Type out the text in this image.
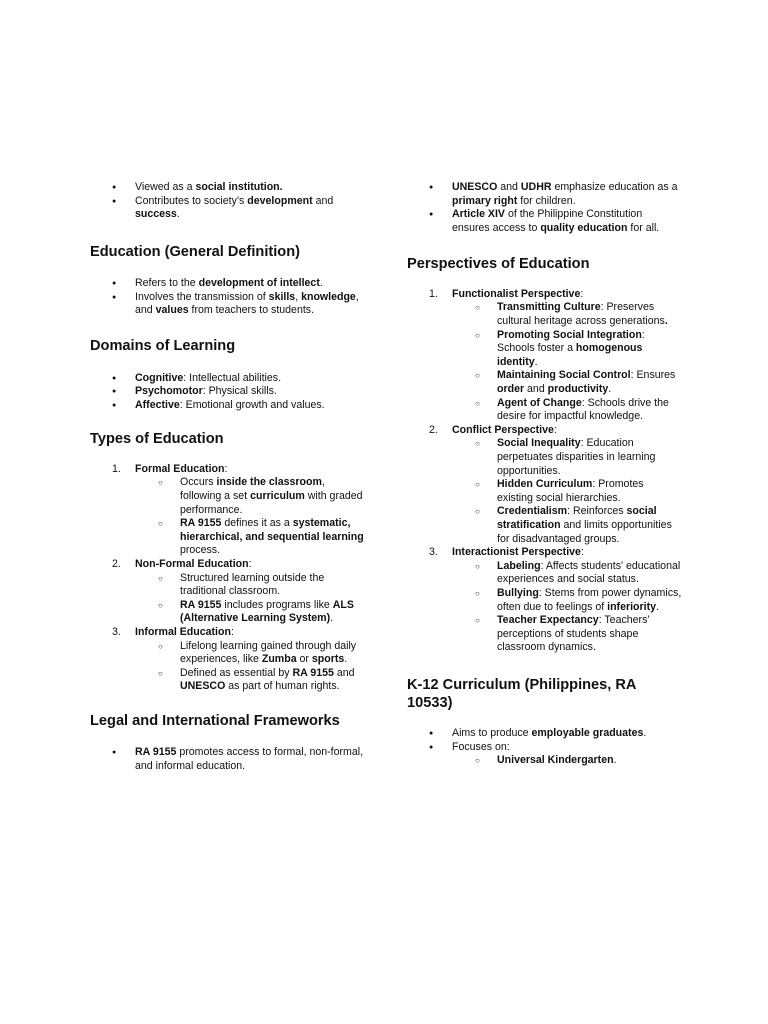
● Viewed as a social institution.
● Contributes to society’s development and success.
Education (General Definition)
● Refers to the development of intellect.
● Involves the transmission of skills, knowledge, and values from teachers to students.
Domains of Learning
● Cognitive: Intellectual abilities.
● Psychomotor: Physical skills.
● Affective: Emotional growth and values.
Types of Education
1. Formal Education:
○ Occurs inside the classroom, following a set curriculum with graded performance.
○ RA 9155 defines it as a systematic, hierarchical, and sequential learning process.
2. Non-Formal Education:
○ Structured learning outside the traditional classroom.
○ RA 9155 includes programs like ALS (Alternative Learning System).
3. Informal Education:
○ Lifelong learning gained through daily experiences, like Zumba or sports.
○ Defined as essential by RA 9155 and UNESCO as part of human rights.
Legal and International Frameworks
● RA 9155 promotes access to formal, non-formal, and informal education.
● UNESCO and UDHR emphasize education as a primary right for children.
● Article XIV of the Philippine Constitution ensures access to quality education for all.
Perspectives of Education
1. Functionalist Perspective:
○ Transmitting Culture: Preserves cultural heritage across generations.
○ Promoting Social Integration: Schools foster a homogenous identity.
○ Maintaining Social Control: Ensures order and productivity.
○ Agent of Change: Schools drive the desire for impactful knowledge.
2. Conflict Perspective:
○ Social Inequality: Education perpetuates disparities in learning opportunities.
○ Hidden Curriculum: Promotes existing social hierarchies.
○ Credentialism: Reinforces social stratification and limits opportunities for disadvantaged groups.
3. Interactionist Perspective:
○ Labeling: Affects students' educational experiences and social status.
○ Bullying: Stems from power dynamics, often due to feelings of inferiority.
○ Teacher Expectancy: Teachers’ perceptions of students shape classroom dynamics.
K-12 Curriculum (Philippines, RA 10533)
● Aims to produce employable graduates.
● Focuses on:
○ Universal Kindergarten.
